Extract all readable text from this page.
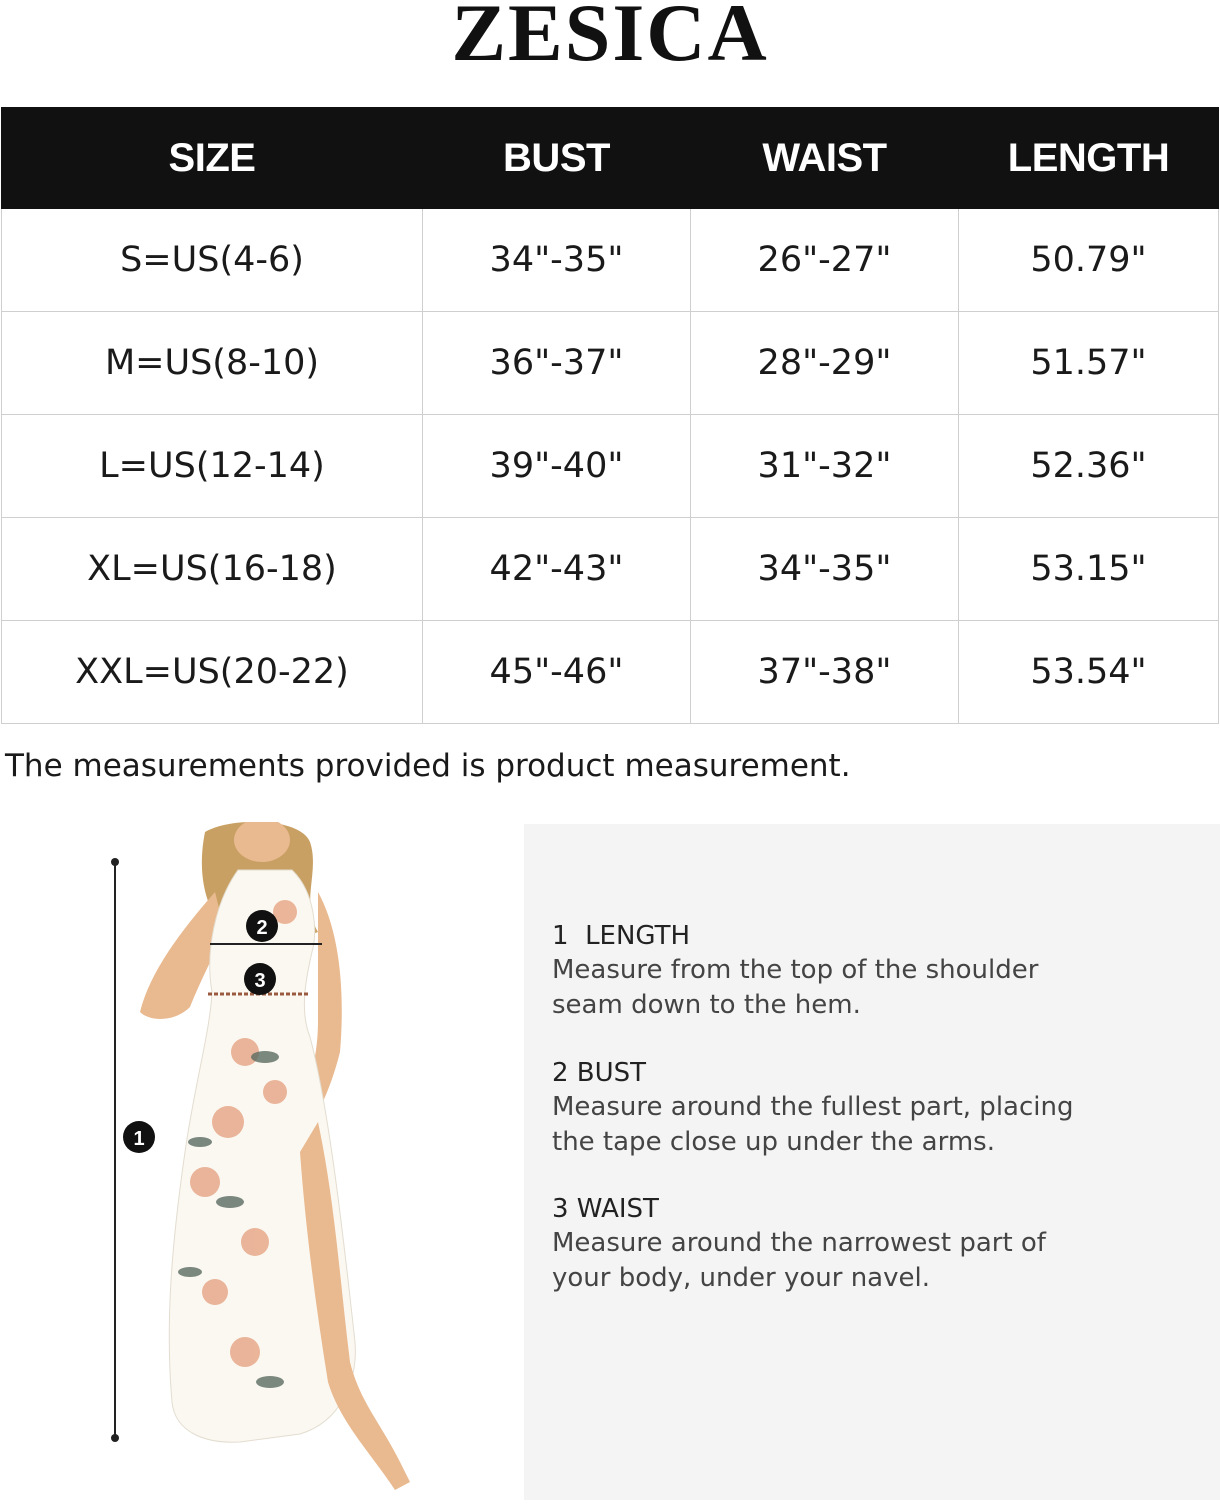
ZESICA
SIZE	BUST	WAIST	LENGTH
S=US(4-6)	34"-35"	26"-27"	50.79"
M=US(8-10)	36"-37"	28"-29"	51.57"
L=US(12-14)	39"-40"	31"-32"	52.36"
XL=US(16-18)	42"-43"	34"-35"	53.15"
XXL=US(20-22)	45"-46"	37"-38"	53.54"
The measurements provided is product measurement.
1
2
3
1  LENGTH
Measure from the top of the shoulder seam down to the hem.
2 BUST
Measure around the fullest part, placing the tape close up under the arms.
3 WAIST
Measure around the narrowest part of your body, under your navel.
